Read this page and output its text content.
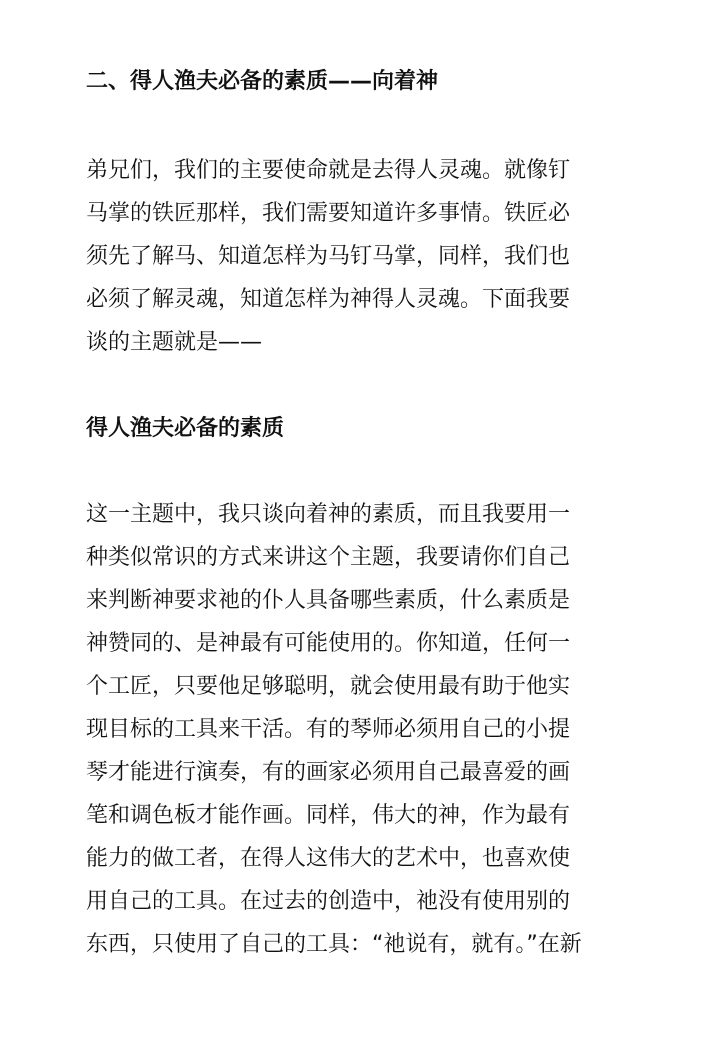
二、得人渔夫必备的素质——向着神

弟兄们，我们的主要使命就是去得人灵魂。就像钉
马掌的铁匠那样，我们需要知道许多事情。铁匠必
须先了解马、知道怎样为马钉马掌，同样，我们也
必须了解灵魂，知道怎样为神得人灵魂。下面我要
谈的主题就是——

得人渔夫必备的素质

这一主题中，我只谈向着神的素质，而且我要用一
种类似常识的方式来讲这个主题，我要请你们自己
来判断神要求祂的仆人具备哪些素质，什么素质是
神赞同的、是神最有可能使用的。你知道，任何一
个工匠，只要他足够聪明，就会使用最有助于他实
现目标的工具来干活。有的琴师必须用自己的小提
琴才能进行演奏，有的画家必须用自己最喜爱的画
笔和调色板才能作画。同样，伟大的神，作为最有
能力的做工者，在得人这伟大的艺术中，也喜欢使
用自己的工具。在过去的创造中，祂没有使用别的
东西，只使用了自己的工具：“祂说有，就有。”在新
